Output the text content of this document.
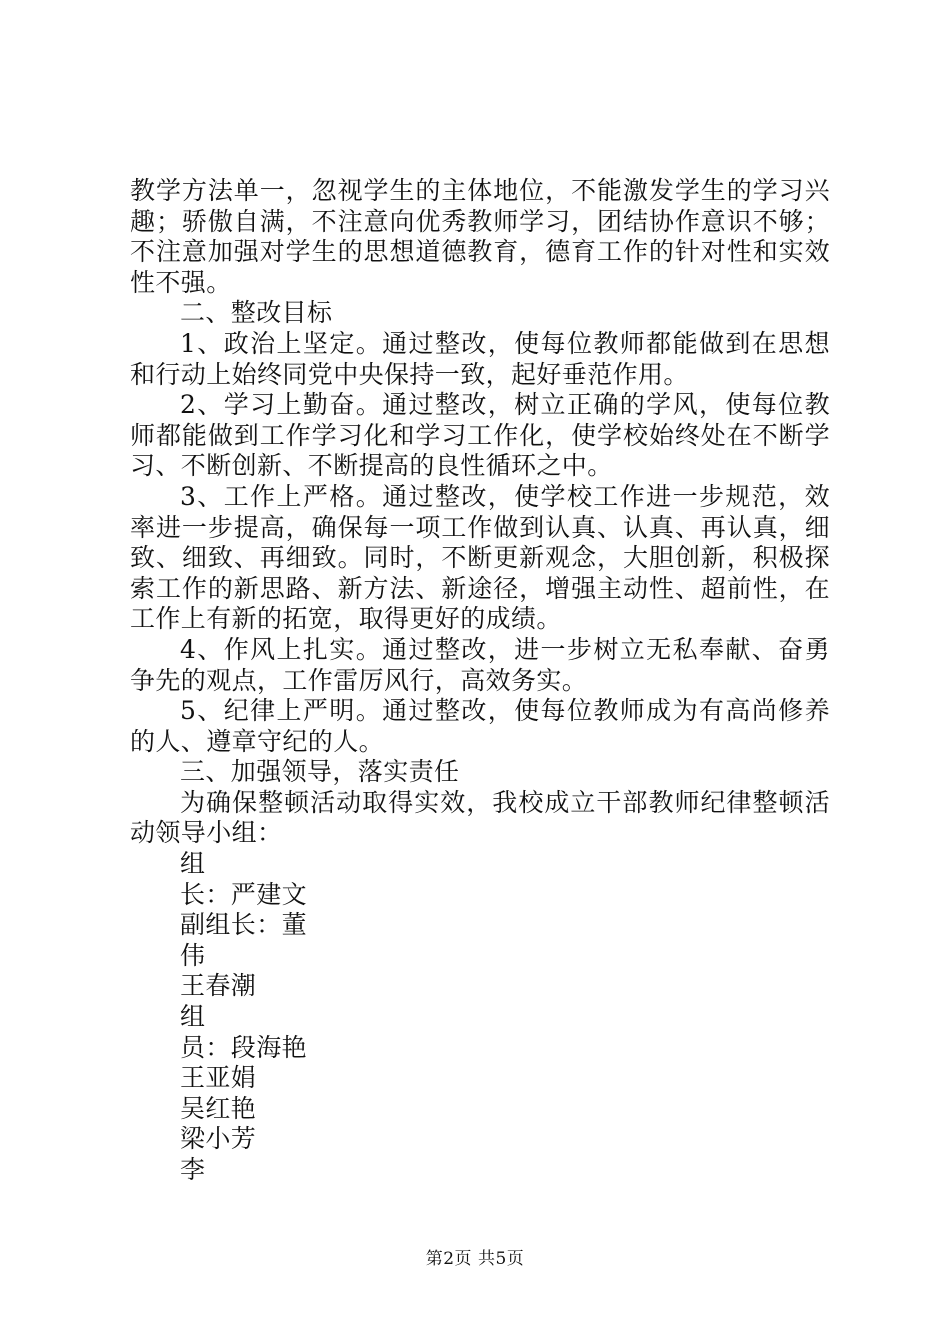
教学方法单一，忽视学生的主体地位，不能激发学生的学习兴趣；骄傲自满，不注意向优秀教师学习，团结协作意识不够；不注意加强对学生的思想道德教育，德育工作的针对性和实效性不强。

二、整改目标

1、政治上坚定。通过整改，使每位教师都能做到在思想和行动上始终同党中央保持一致，起好垂范作用。

2、学习上勤奋。通过整改，树立正确的学风，使每位教师都能做到工作学习化和学习工作化，使学校始终处在不断学习、不断创新、不断提高的良性循环之中。

3、工作上严格。通过整改，使学校工作进一步规范，效率进一步提高，确保每一项工作做到认真、认真、再认真，细致、细致、再细致。同时，不断更新观念，大胆创新，积极探索工作的新思路、新方法、新途径，增强主动性、超前性，在工作上有新的拓宽，取得更好的成绩。

4、作风上扎实。通过整改，进一步树立无私奉献、奋勇争先的观点，工作雷厉风行，高效务实。

5、纪律上严明。通过整改，使每位教师成为有高尚修养的人、遵章守纪的人。

三、加强领导，落实责任

为确保整顿活动取得实效，我校成立干部教师纪律整顿活动领导小组：

组

长：严建文

副组长：董

伟

王春潮

组

员：段海艳

王亚娟

吴红艳

梁小芳

李

第2页 共5页
